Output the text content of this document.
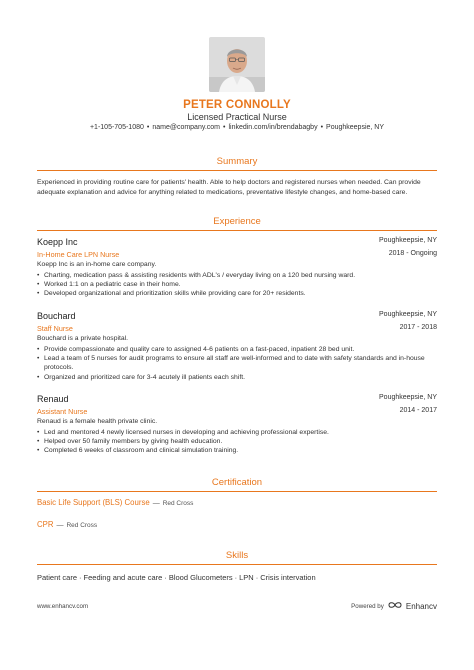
PETER CONNOLLY
Licensed Practical Nurse
+1-105-705-1080 • name@company.com • linkedin.com/in/brendabagby • Poughkeepsie, NY
Summary
Experienced in providing routine care for patients' health. Able to help doctors and registered nurses when needed. Can provide adequate explanation and advice for anything related to medications, preventative lifestyle changes, and home-based care.
Experience
Koepp Inc	Poughkeepsie, NY
In-Home Care LPN Nurse	2018 - Ongoing
Koepp Inc is an in-home care company.
• Charting, medication pass & assisting residents with ADL's / everyday living on a 120 bed nursing ward.
• Worked 1:1 on a pediatric case in their home.
• Developed organizational and prioritization skills while providing care for 20+ residents.
Bouchard	Poughkeepsie, NY
Staff Nurse	2017 - 2018
Bouchard is a private hospital.
• Provide compassionate and quality care to assigned 4-6 patients on a fast-paced, inpatient 28 bed unit.
• Lead a team of 5 nurses for audit programs to ensure all staff are well-informed and to date with safety standards and in-house protocols.
• Organized and prioritized care for 3-4 acutely ill patients each shift.
Renaud	Poughkeepsie, NY
Assistant Nurse	2014 - 2017
Renaud is a female health private clinic.
• Led and mentored 4 newly licensed nurses in developing and achieving professional expertise.
• Helped over 50 family members by giving health education.
• Completed 6 weeks of classroom and clinical simulation training.
Certification
Basic Life Support (BLS) Course — Red Cross
CPR — Red Cross
Skills
Patient care · Feeding and acute care · Blood Glucometers · LPN · Crisis intervation
www.enhancv.com	Powered by	Enhancv
